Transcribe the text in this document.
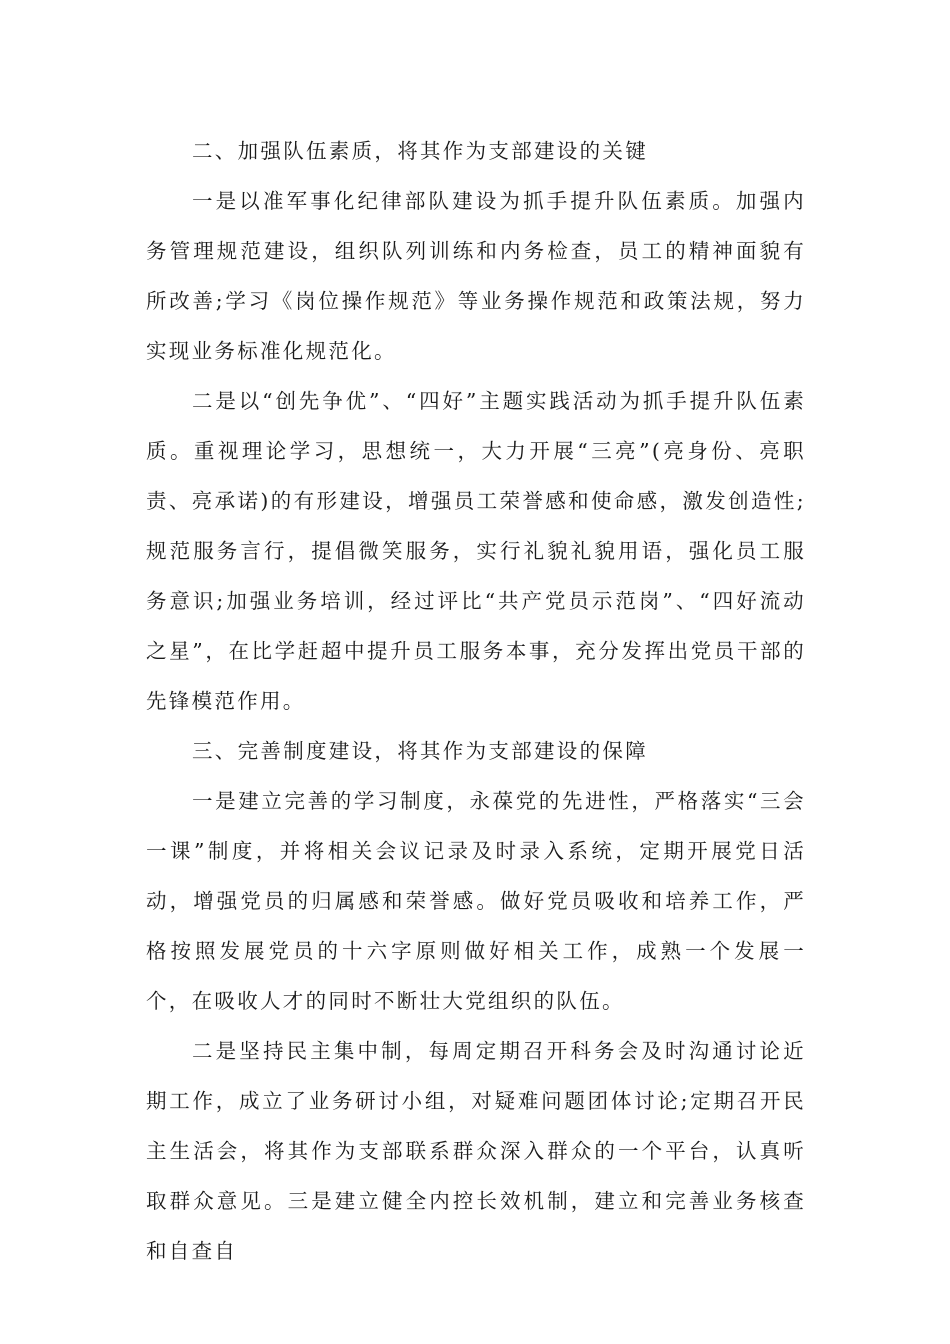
二、加强队伍素质，将其作为支部建设的关键

一是以准军事化纪律部队建设为抓手提升队伍素质。加强内务管理规范建设，组织队列训练和内务检查，员工的精神面貌有所改善;学习《岗位操作规范》等业务操作规范和政策法规，努力实现业务标准化规范化。

二是以“创先争优”、“四好”主题实践活动为抓手提升队伍素质。重视理论学习，思想统一，大力开展“三亮”(亮身份、亮职责、亮承诺)的有形建设，增强员工荣誉感和使命感，激发创造性;规范服务言行，提倡微笑服务，实行礼貌礼貌用语，强化员工服务意识;加强业务培训，经过评比“共产党员示范岗”、“四好流动之星”，在比学赶超中提升员工服务本事，充分发挥出党员干部的先锋模范作用。

三、完善制度建设，将其作为支部建设的保障

一是建立完善的学习制度，永葆党的先进性，严格落实“三会一课”制度，并将相关会议记录及时录入系统，定期开展党日活动，增强党员的归属感和荣誉感。做好党员吸收和培养工作，严格按照发展党员的十六字原则做好相关工作，成熟一个发展一个，在吸收人才的同时不断壮大党组织的队伍。

二是坚持民主集中制，每周定期召开科务会及时沟通讨论近期工作，成立了业务研讨小组，对疑难问题团体讨论;定期召开民主生活会，将其作为支部联系群众深入群众的一个平台，认真听取群众意见。三是建立健全内控长效机制，建立和完善业务核查和自查自
